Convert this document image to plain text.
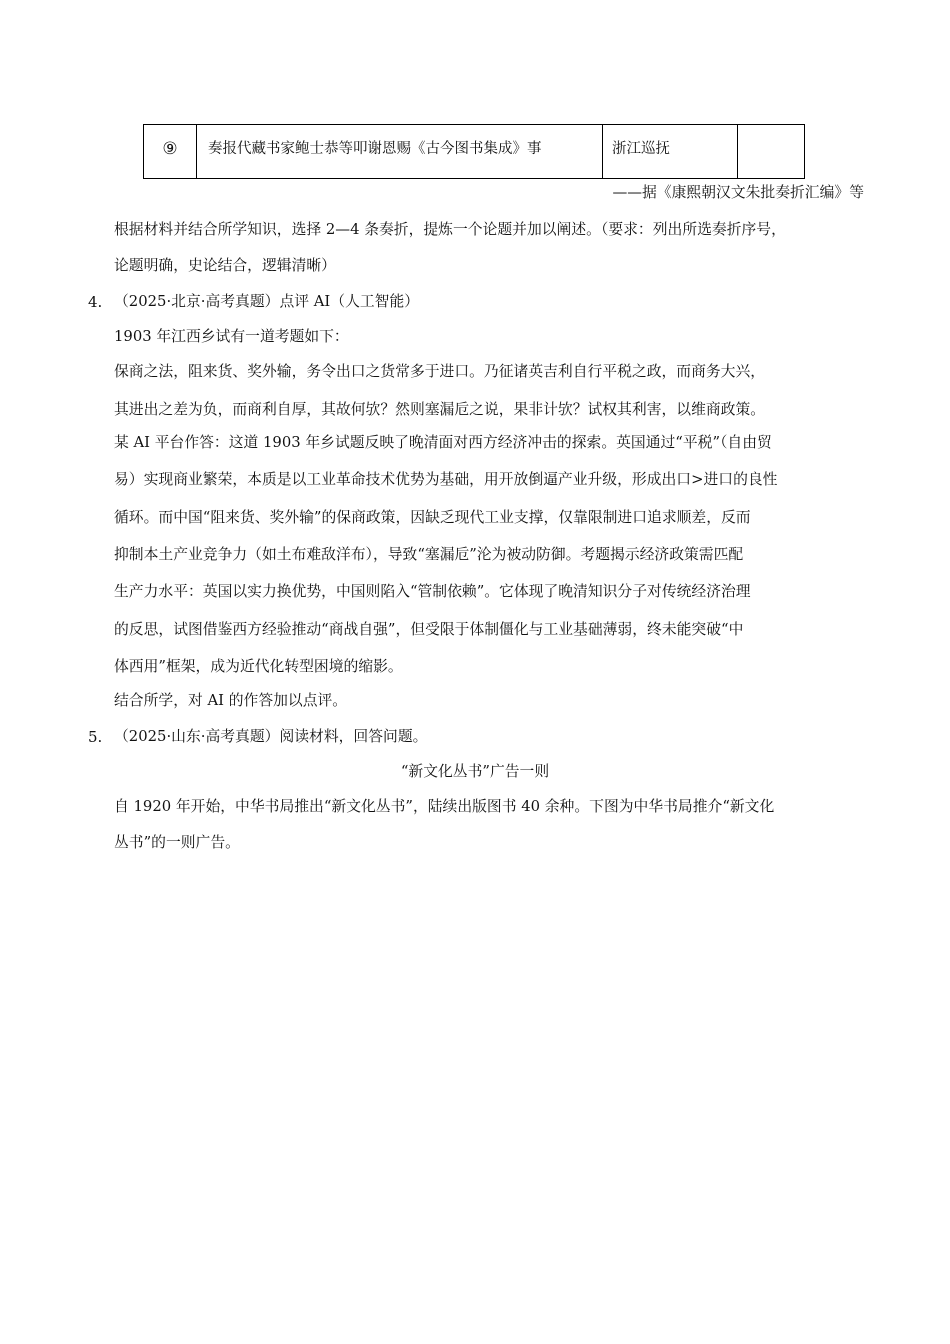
⑨	奏报代藏书家鲍士恭等叩谢恩赐《古今图书集成》事	浙江巡抚
——据《康熙朝汉文朱批奏折汇编》等
根据材料并结合所学知识，选择 2—4 条奏折，提炼一个论题并加以阐述。（要求：列出所选奏折序号，
论题明确，史论结合，逻辑清晰）
4. （2025·北京·高考真题）点评 AI（人工智能）
1903 年江西乡试有一道考题如下：
保商之法，阻来货、奖外输，务令出口之货常多于进口。乃征诸英吉利自行平税之政，而商务大兴，
其进出之差为负，而商利自厚，其故何欤？然则塞漏卮之说，果非计欤？试权其利害，以维商政策。
某 AI 平台作答：这道 1903 年乡试题反映了晚清面对西方经济冲击的探索。英国通过“平税”（自由贸
易）实现商业繁荣，本质是以工业革命技术优势为基础，用开放倒逼产业升级，形成出口>进口的良性
循环。而中国“阻来货、奖外输”的保商政策，因缺乏现代工业支撑，仅靠限制进口追求顺差，反而
抑制本土产业竞争力（如土布难敌洋布），导致“塞漏卮”沦为被动防御。考题揭示经济政策需匹配
生产力水平：英国以实力换优势，中国则陷入“管制依赖”。它体现了晚清知识分子对传统经济治理
的反思，试图借鉴西方经验推动“商战自强”，但受限于体制僵化与工业基础薄弱，终未能突破“中
体西用”框架，成为近代化转型困境的缩影。
结合所学，对 AI 的作答加以点评。
5. （2025·山东·高考真题）阅读材料，回答问题。
“新文化丛书”广告一则
自 1920 年开始，中华书局推出“新文化丛书”，陆续出版图书 40 余种。下图为中华书局推介“新文化
丛书”的一则广告。
